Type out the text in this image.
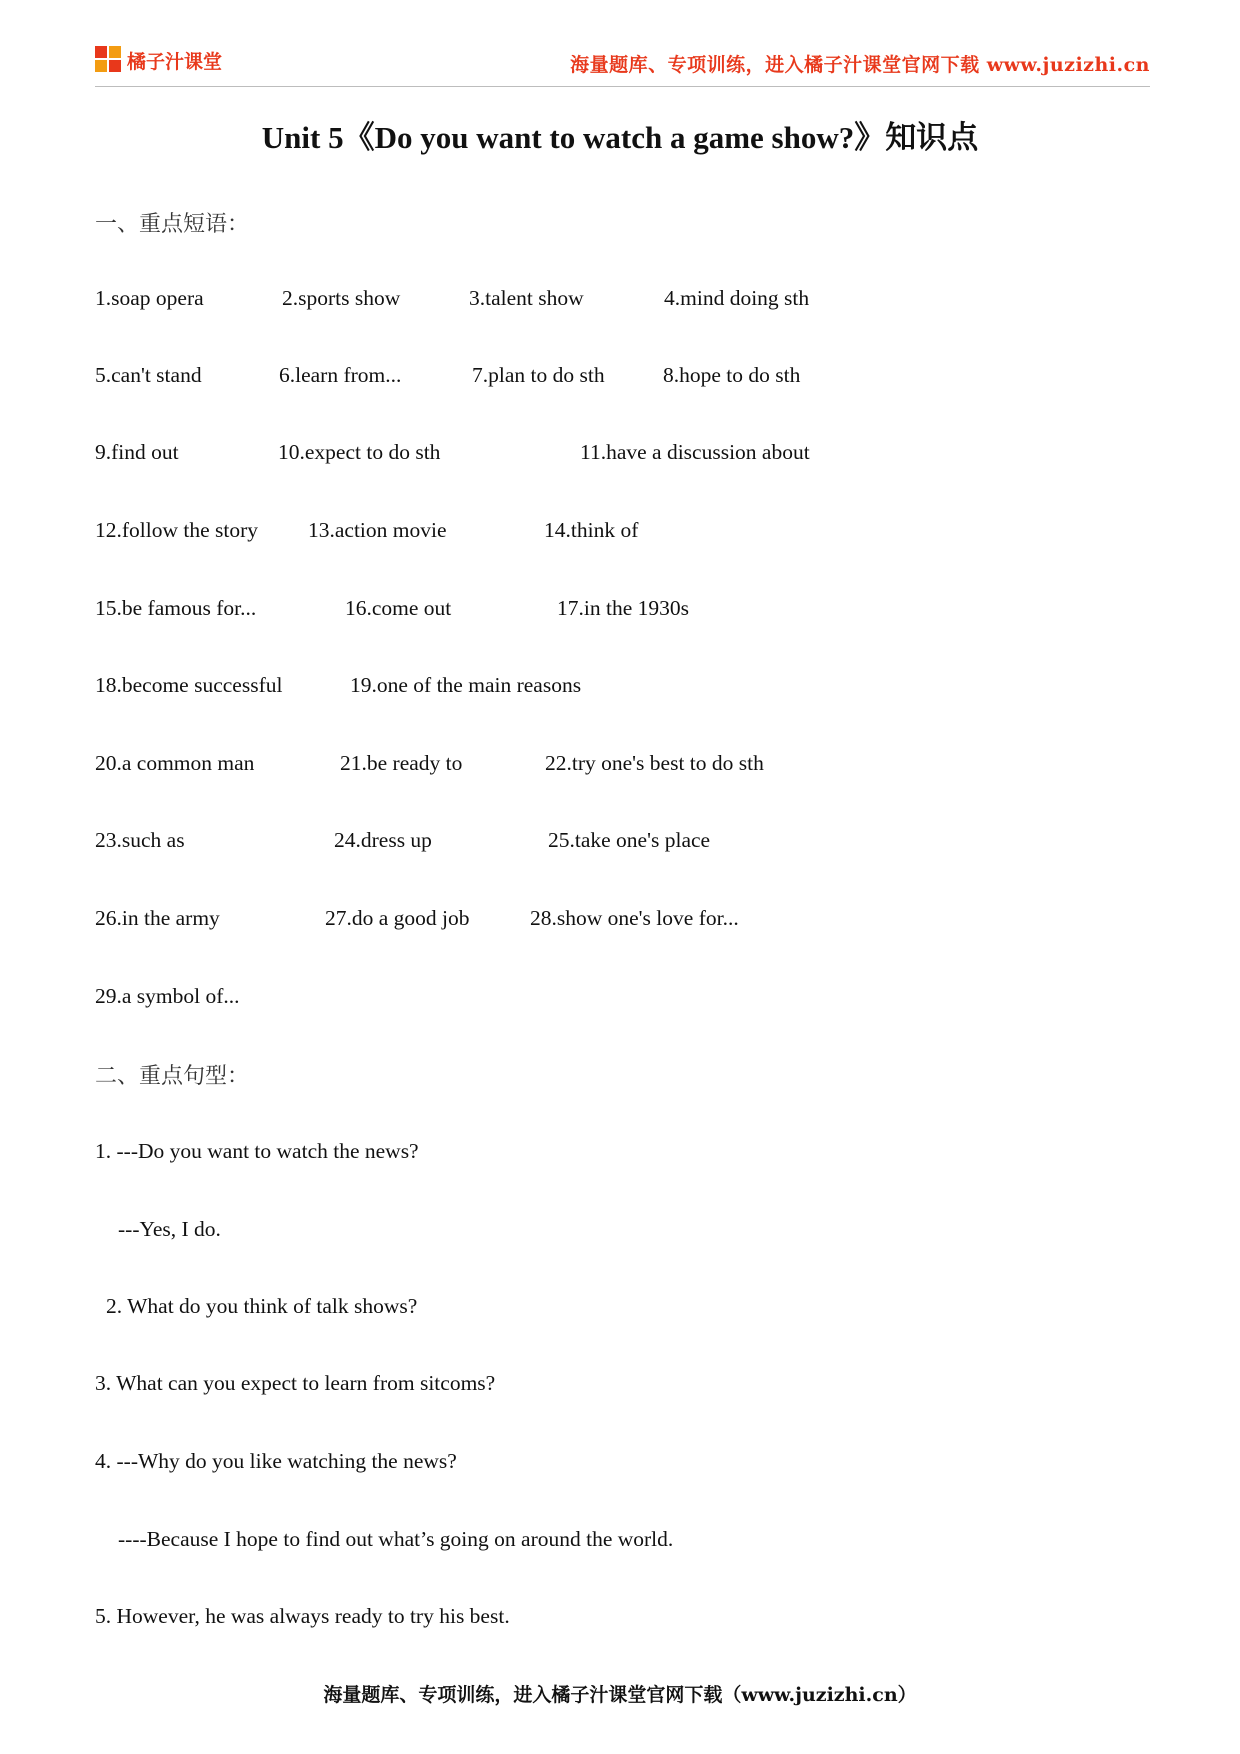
橘子汁课堂	海量题库、专项训练，进入橘子汁课堂官网下载 www.juzizhi.cn
Unit 5《Do you want to watch a game show?》知识点
一、重点短语：
1.soap opera	2.sports show	3.talent show	4.mind doing sth
5.can't stand	6.learn from...	7.plan to do sth	8.hope to do sth
9.find out	10.expect to do sth	11.have a discussion about
12.follow the story 13.action movie	14.think of
15.be famous for...	16.come out	17.in the 1930s
18.become successful	19.one of the main reasons
20.a common man	21.be ready to	22.try one's best to do sth
23.such as	24.dress up	25.take one's place
26.in the army	27.do a good job	28.show one's love for...
29.a symbol of...
二、重点句型：
1. ---Do you want to watch the news?
---Yes, I do.
2. What do you think of talk shows?
3. What can you expect to learn from sitcoms?
4. ---Why do you like watching the news?
----Because I hope to find out what’s going on around the world.
5. However, he was always ready to try his best.
海量题库、专项训练，进入橘子汁课堂官网下载（www.juzizhi.cn）
